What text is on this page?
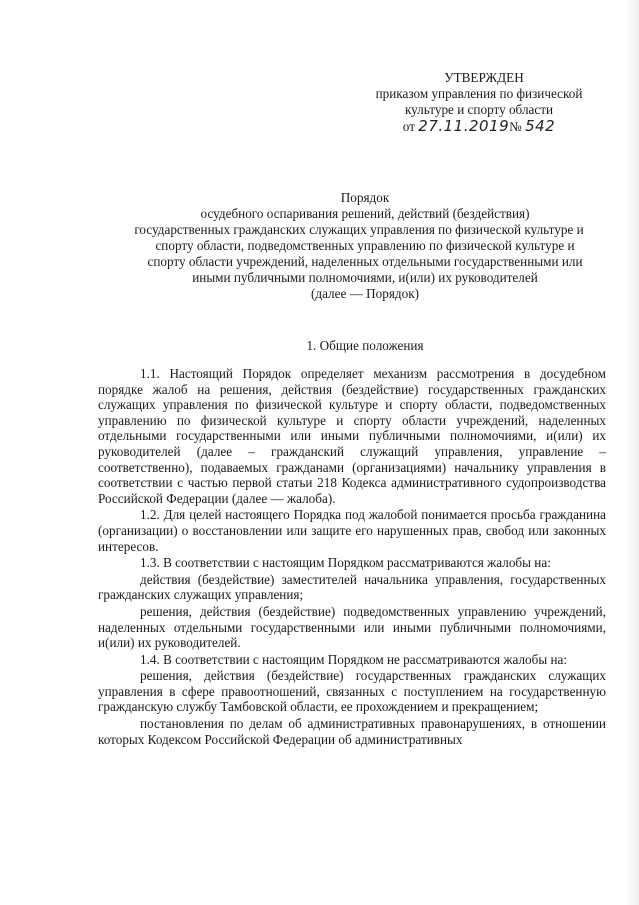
УТВЕРЖДЕН
приказом управления по физической
культуре и спорту области
от 27.11.2019№ 542
Порядок
осудебного оспаривания решений, действий (бездействия)
государственных гражданских служащих управления по физической культуре и
спорту области, подведомственных управлению по физической культуре и
спорту области учреждений, наделенных отдельными государственными или
иными публичными полномочиями, и(или) их руководителей
(далее — Порядок)
1. Общие положения

1.1. Настоящий Порядок определяет механизм рассмотрения в досудебном порядке жалоб на решения, действия (бездействие) государственных гражданских служащих управления по физической культуре и спорту области, подведомственных управлению по физической культуре и спорту области учреждений, наделенных отдельными государственными или иными публичными полномочиями, и(или) их руководителей (далее – гражданский служащий управления, управление – соответственно), подаваемых гражданами (организациями) начальнику управления в соответствии с частью первой статьи 218 Кодекса административного судопроизводства Российской Федерации (далее — жалоба).

1.2. Для целей настоящего Порядка под жалобой понимается просьба гражданина (организации) о восстановлении или защите его нарушенных прав, свобод или законных интересов.

1.3. В соответствии с настоящим Порядком рассматриваются жалобы на:

действия (бездействие) заместителей начальника управления, государственных гражданских служащих управления;

решения, действия (бездействие) подведомственных управлению учреждений, наделенных отдельными государственными или иными публичными полномочиями, и(или) их руководителей.

1.4. В соответствии с настоящим Порядком не рассматриваются жалобы на:

решения, действия (бездействие) государственных гражданских служащих управления в сфере правоотношений, связанных с поступлением на государственную гражданскую службу Тамбовской области, ее прохождением и прекращением;

постановления по делам об административных правонарушениях, в отношении которых Кодексом Российской Федерации об административных
